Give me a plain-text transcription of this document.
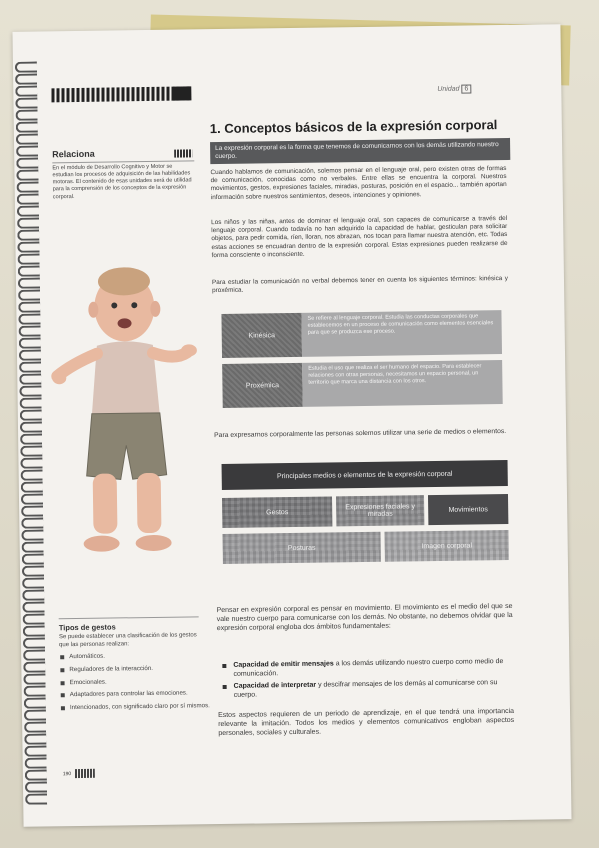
Unidad 6
Relaciona
En el módulo de Desarrollo Cognitivo y Motor se estudian los procesos de adquisición de las habilidades motoras. El contenido de esas unidades será de utilidad para la comprensión de los conceptos de la expresión corporal.
1. Conceptos básicos de la expresión corporal
La expresión corporal es la forma que tenemos de comunicarnos con los demás utilizando nuestro cuerpo.
Cuando hablamos de comunicación, solemos pensar en el lenguaje oral, pero existen otras de formas de comunicación, conocidas como no verbales. Entre ellas se encuentra la corporal. Nuestros movimientos, gestos, expresiones faciales, miradas, posturas, posición en el espacio... también aportan información sobre nuestros sentimientos, deseos, intenciones y opiniones.
Los niños y las niñas, antes de dominar el lenguaje oral, son capaces de comunicarse a través del lenguaje corporal. Cuando todavía no han adquirido la capacidad de hablar, gesticulan para solicitar objetos, para pedir comida, ríen, lloran, nos abrazan, nos tocan para llamar nuestra atención, etc. Todas estas acciones se encuadran dentro de la expresión corporal. Estas expresiones pueden realizarse de forma consciente o inconsciente.
Para estudiar la comunicación no verbal debemos tener en cuenta los siguientes términos: kinésica y proxémica.
Kinésica
Se refiere al lenguaje corporal. Estudia las conductas corporales que establecemos en un proceso de comunicación como elementos esenciales para que se produzca ese proceso.
Proxémica
Estudia el uso que realiza el ser humano del espacio. Para establecer relaciones con otras personas, necesitamos un espacio personal, un territorio que marca una distancia con los otros.
Para expresarnos corporalmente las personas solemos utilizar una serie de medios o elementos.
Principales medios o elementos de la expresión corporal
Gestos
Expresiones faciales y miradas
Movimientos
Posturas	Imagen corporal
Pensar en expresión corporal es pensar en movimiento. El movimiento es el medio del que se vale nuestro cuerpo para comunicarse con los demás. No obstante, no debemos olvidar que la expresión corporal engloba dos ámbitos fundamentales:
Capacidad de emitir mensajes a los demás utilizando nuestro cuerpo como medio de comunicación.
Capacidad de interpretar y descifrar mensajes de los demás al comunicarse con su cuerpo.
Estos aspectos requieren de un periodo de aprendizaje, en el que tendrá una importancia relevante la imitación. Todos los medios y elementos comunicativos engloban aspectos personales, sociales y culturales.
Tipos de gestos
Se puede establecer una clasificación de los gestos que las personas realizan:
Automáticos.
Reguladores de la interacción.
Emocionales.
Adaptadores para controlar las emociones.
Intencionados, con significado claro por sí mismos.
190
